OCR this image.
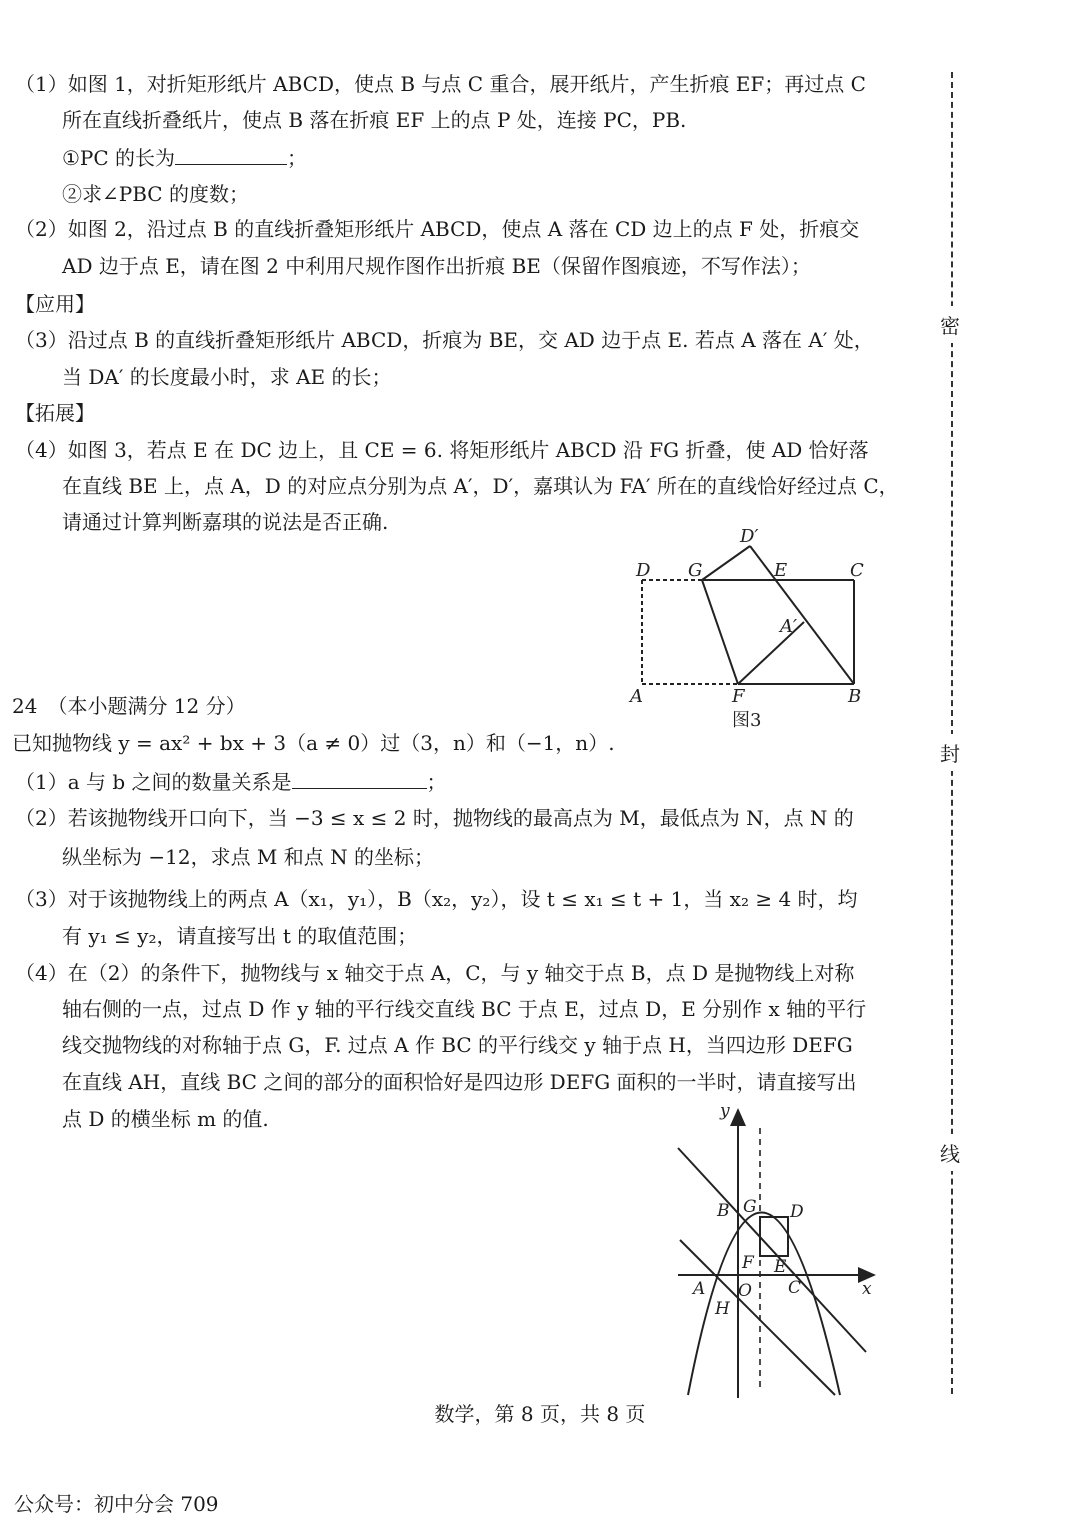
（1）如图 1，对折矩形纸片 ABCD，使点 B 与点 C 重合，展开纸片，产生折痕 EF；再过点 C
所在直线折叠纸片，使点 B 落在折痕 EF 上的点 P 处，连接 PC，PB.
①PC 的长为	；
②求∠PBC 的度数；
（2）如图 2，沿过点 B 的直线折叠矩形纸片 ABCD，使点 A 落在 CD 边上的点 F 处，折痕交
AD 边于点 E，请在图 2 中利用尺规作图作出折痕 BE（保留作图痕迹，不写作法）；
【应用】
（3）沿过点 B 的直线折叠矩形纸片 ABCD，折痕为 BE，交 AD 边于点 E. 若点 A 落在 A′ 处，
当 DA′ 的长度最小时，求 AE 的长；
【拓展】
（4）如图 3，若点 E 在 DC 边上，且 CE = 6. 将矩形纸片 ABCD 沿 FG 折叠，使 AD 恰好落
在直线 BE 上，点 A，D 的对应点分别为点 A′，D′，嘉琪认为 FA′ 所在的直线恰好经过点 C，
请通过计算判断嘉琪的说法是否正确.
D G	E	C
D′
A′
A	F	B
图3
24　（本小题满分 12 分）
已知抛物线 y = ax² + bx + 3（a ≠ 0）过（3，n）和（−1，n）.
（1）a 与 b 之间的数量关系是	；
（2）若该抛物线开口向下，当 −3 ≤ x ≤ 2 时，抛物线的最高点为 M，最低点为 N，点 N 的
纵坐标为 −12，求点 M 和点 N 的坐标；
（3）对于该抛物线上的两点 A（x₁，y₁），B（x₂，y₂），设 t ≤ x₁ ≤ t + 1，当 x₂ ≥ 4 时，均
有 y₁ ≤ y₂，请直接写出 t 的取值范围；
（4）在（2）的条件下，抛物线与 x 轴交于点 A，C，与 y 轴交于点 B，点 D 是抛物线上对称
轴右侧的一点，过点 D 作 y 轴的平行线交直线 BC 于点 E，过点 D，E 分别作 x 轴的平行
线交抛物线的对称轴于点 G，F. 过点 A 作 BC 的平行线交 y 轴于点 H，当四边形 DEFG
在直线 AH，直线 BC 之间的部分的面积恰好是四边形 DEFG 面积的一半时，请直接写出
点 D 的横坐标 m 的值.	y
x
B G D
F E
A O C
H
密
封
线
数学，第 8 页，共 8 页
公众号：初中分会 709
